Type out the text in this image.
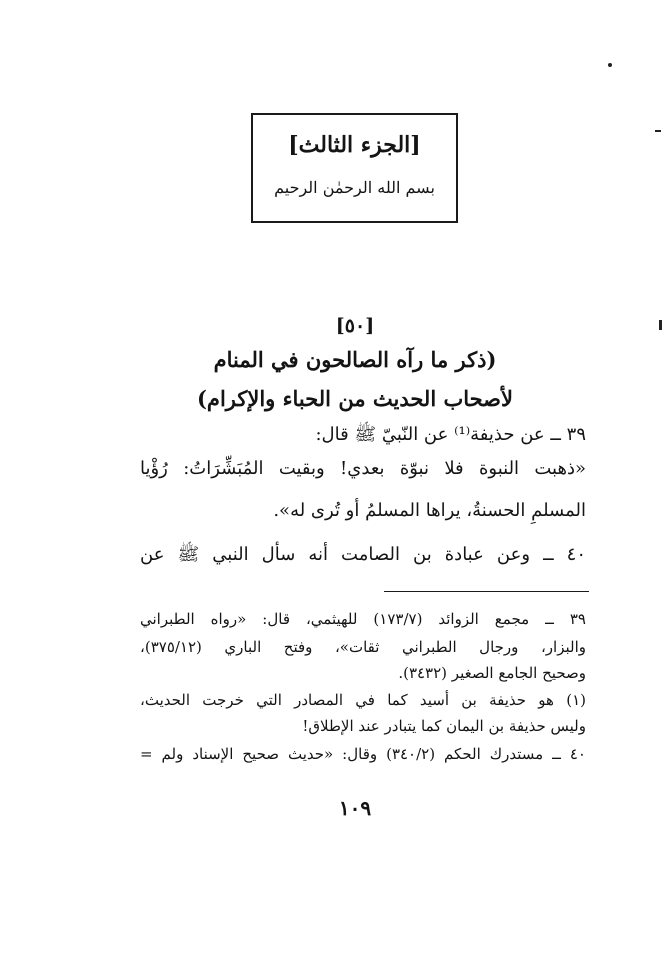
[الجزء الثالث]
بسم الله الرحمٰن الرحيم
[٥٠]
(ذكر ما رآه الصالحون في المنام
لأصحاب الحديث من الحباء والإكرام)
٣٩ ــ عن حذيفة⁽¹⁾ عن النّبيّ ﷺ قال:
«ذهبت النبوة فلا نبوّة بعدي! وبقيت المُبَشِّرَاتُ: رُؤْيا
المسلمِ الحسنةُ، يراها المسلمُ أو تُرى له».
٤٠ ــ وعن عبادة بن الصامت أنه سأل النبي ﷺ عن
٣٩ ــ مجمع الزوائد (١٧٣/٧) للهيثمي، قال: «رواه الطبراني
والبزار، ورجال الطبراني ثقات»، وفتح الباري (٣٧٥/١٢)،
وصحيح الجامع الصغير (٣٤٣٢).
(١) هو حذيفة بن أسيد كما في المصادر التي خرجت الحديث،
وليس حذيفة بن اليمان كما يتبادر عند الإطلاق!
٤٠ ــ مستدرك الحكم (٣٤٠/٢) وقال: «حديث صحيح الإسناد ولم =
١٠٩
